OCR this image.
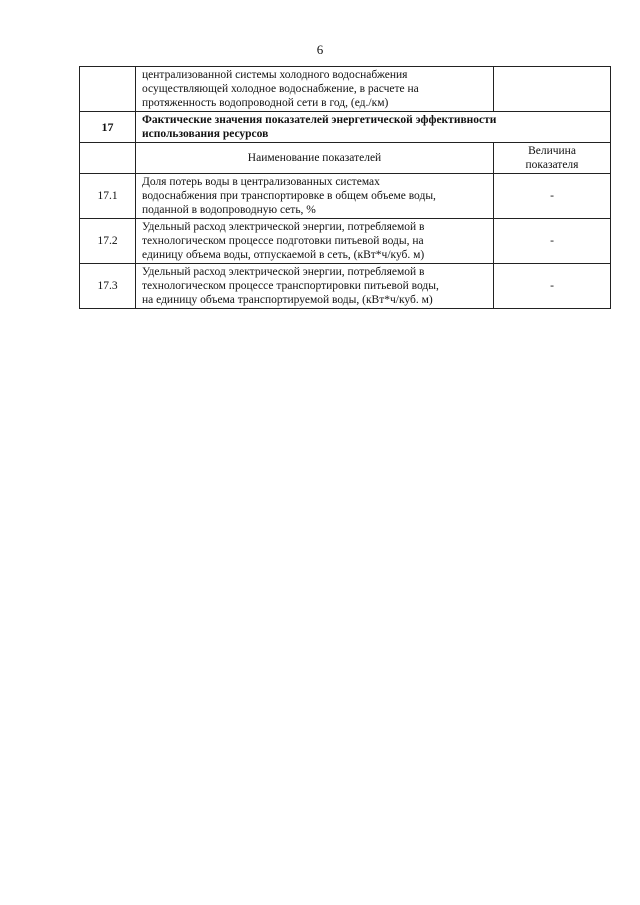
6
	централизованной системы холодного водоснабжения
осуществляющей холодное водоснабжение, в расчете на
протяженность водопроводной сети в год, (ед./км)	
17	Фактические значения показателей энергетической эффективности
использования ресурсов	
	Наименование показателей	Величина
показателя
17.1	Доля потерь воды в централизованных системах
водоснабжения при транспортировке в общем объеме воды,
поданной в водопроводную сеть, %	-
17.2	Удельный расход электрической энергии, потребляемой в
технологическом процессе подготовки питьевой воды, на
единицу объема воды, отпускаемой в сеть, (кВт*ч/куб. м)	-
17.3	Удельный расход электрической энергии, потребляемой в
технологическом процессе транспортировки питьевой воды,
на единицу объема транспортируемой воды, (кВт*ч/куб. м)	-
